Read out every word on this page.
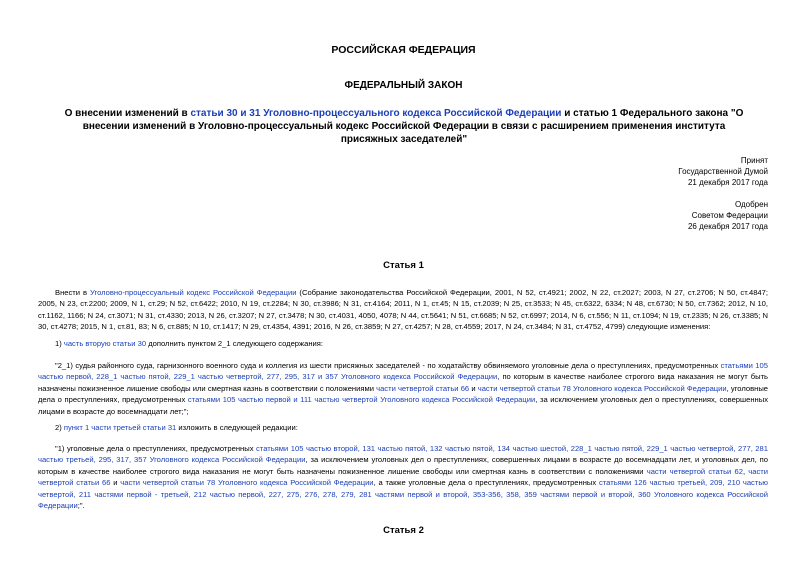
РОССИЙСКАЯ ФЕДЕРАЦИЯ
ФЕДЕРАЛЬНЫЙ ЗАКОН
О внесении изменений в статьи 30 и 31 Уголовно-процессуального кодекса Российской Федерации и статью 1 Федерального закона "О внесении изменений в Уголовно-процессуальный кодекс Российской Федерации в связи с расширением применения института присяжных заседателей"
Принят
Государственной Думой
21 декабря 2017 года
Одобрен
Советом Федерации
26 декабря 2017 года
Статья 1
Внести в Уголовно-процессуальный кодекс Российской Федерации (Собрание законодательства Российской Федерации, 2001, N 52, ст.4921; 2002, N 22, ст.2027; 2003, N 27, ст.2706; N 50, ст.4847; 2005, N 23, ст.2200; 2009, N 1, ст.29; N 52, ст.6422; 2010, N 19, ст.2284; N 30, ст.3986; N 31, ст.4164; 2011, N 1, ст.45; N 15, ст.2039; N 25, ст.3533; N 45, ст.6322, 6334; N 48, ст.6730; N 50, ст.7362; 2012, N 10, ст.1162, 1166; N 24, ст.3071; N 31, ст.4330; 2013, N 26, ст.3207; N 27, ст.3478; N 30, ст.4031, 4050, 4078; N 44, ст.5641; N 51, ст.6685; N 52, ст.6997; 2014, N 6, ст.556; N 11, ст.1094; N 19, ст.2335; N 26, ст.3385; N 30, ст.4278; 2015, N 1, ст.81, 83; N 6, ст.885; N 10, ст.1417; N 29, ст.4354, 4391; 2016, N 26, ст.3859; N 27, ст.4257; N 28, ст.4559; 2017, N 24, ст.3484; N 31, ст.4752, 4799) следующие изменения:
1) часть вторую статьи 30 дополнить пунктом 2_1 следующего содержания:
"2_1) судья районного суда, гарнизонного военного суда и коллегия из шести присяжных заседателей - по ходатайству обвиняемого уголовные дела о преступлениях, предусмотренных статьями 105 частью первой, 228_1 частью пятой, 229_1 частью четвертой, 277, 295, 317 и 357 Уголовного кодекса Российской Федерации, по которым в качестве наиболее строгого вида наказания не могут быть назначены пожизненное лишение свободы или смертная казнь в соответствии с положениями части четвертой статьи 66 и части четвертой статьи 78 Уголовного кодекса Российской Федерации, уголовные дела о преступлениях, предусмотренных статьями 105 частью первой и 111 частью четвертой Уголовного кодекса Российской Федерации, за исключением уголовных дел о преступлениях, совершенных лицами в возрасте до восемнадцати лет;";
2) пункт 1 части третьей статьи 31 изложить в следующей редакции:
"1) уголовные дела о преступлениях, предусмотренных статьями 105 частью второй, 131 частью пятой, 132 частью пятой, 134 частью шестой, 228_1 частью пятой, 229_1 частью четвертой, 277, 281 частью третьей, 295, 317, 357 Уголовного кодекса Российской Федерации, за исключением уголовных дел о преступлениях, совершенных лицами в возрасте до восемнадцати лет, и уголовных дел, по которым в качестве наиболее строгого вида наказания не могут быть назначены пожизненное лишение свободы или смертная казнь в соответствии с положениями части четвертой статьи 62, части четвертой статьи 66 и части четвертой статьи 78 Уголовного кодекса Российской Федерации, а также уголовные дела о преступлениях, предусмотренных статьями 126 частью третьей, 209, 210 частью четвертой, 211 частями первой - третьей, 212 частью первой, 227, 275, 276, 278, 279, 281 частями первой и второй, 353-356, 358, 359 частями первой и второй, 360 Уголовного кодекса Российской Федерации;".
Статья 2
